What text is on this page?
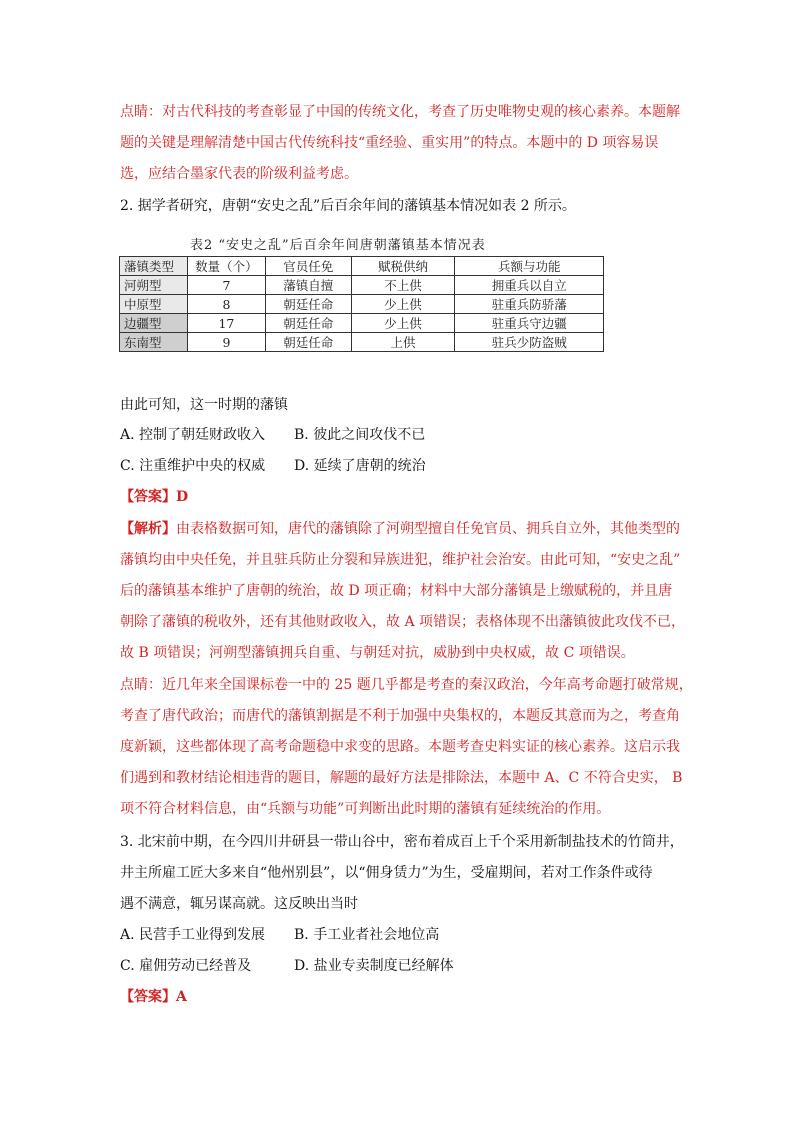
点睛：对古代科技的考查彰显了中国的传统文化，考查了历史唯物史观的核心素养。本题解
题的关键是理解清楚中国古代传统科技“重经验、重实用”的特点。本题中的 D 项容易误
选，应结合墨家代表的阶级利益考虑。
2. 据学者研究，唐朝“安史之乱”后百余年间的藩镇基本情况如表 2 所示。
表2 “安史之乱”后百余年间唐朝藩镇基本情况表
藩镇类型	数量（个）	官员任免	赋税供纳	兵额与功能
河朔型	7	藩镇自擅	不上供	拥重兵以自立
中原型	8	朝廷任命	少上供	驻重兵防骄藩
边疆型	17	朝廷任命	少上供	驻重兵守边疆
东南型	9	朝廷任命	上供	驻兵少防盗贼
由此可知，这一时期的藩镇
A. 控制了朝廷财政收入 B. 彼此之间攻伐不已
C. 注重维护中央的权威 D. 延续了唐朝的统治
【答案】D
【解析】由表格数据可知，唐代的藩镇除了河朔型擅自任免官员、拥兵自立外，其他类型的
藩镇均由中央任免，并且驻兵防止分裂和异族进犯，维护社会治安。由此可知，“安史之乱”
后的藩镇基本维护了唐朝的统治，故 D 项正确；材料中大部分藩镇是上缴赋税的，并且唐
朝除了藩镇的税收外，还有其他财政收入，故 A 项错误；表格体现不出藩镇彼此攻伐不已，
故 B 项错误；河朔型藩镇拥兵自重、与朝廷对抗，威胁到中央权威，故 C 项错误。
点睛：近几年来全国课标卷一中的 25 题几乎都是考查的秦汉政治，今年高考命题打破常规，
考查了唐代政治；而唐代的藩镇割据是不利于加强中央集权的，本题反其意而为之，考查角
度新颖，这些都体现了高考命题稳中求变的思路。本题考查史料实证的核心素养。这启示我
们遇到和教材结论相违背的题目，解题的最好方法是排除法，本题中 A、C 不符合史实， B
项不符合材料信息，由“兵额与功能”可判断出此时期的藩镇有延续统治的作用。
3. 北宋前中期，在今四川井研县一带山谷中，密布着成百上千个采用新制盐技术的竹筒井，
井主所雇工匠大多来自“他州别县”，以“佣身赁力”为生，受雇期间，若对工作条件或待
遇不满意，辄另谋高就。这反映出当时
A. 民营手工业得到发展 B. 手工业者社会地位高
C. 雇佣劳动已经普及	D. 盐业专卖制度已经解体
【答案】A
